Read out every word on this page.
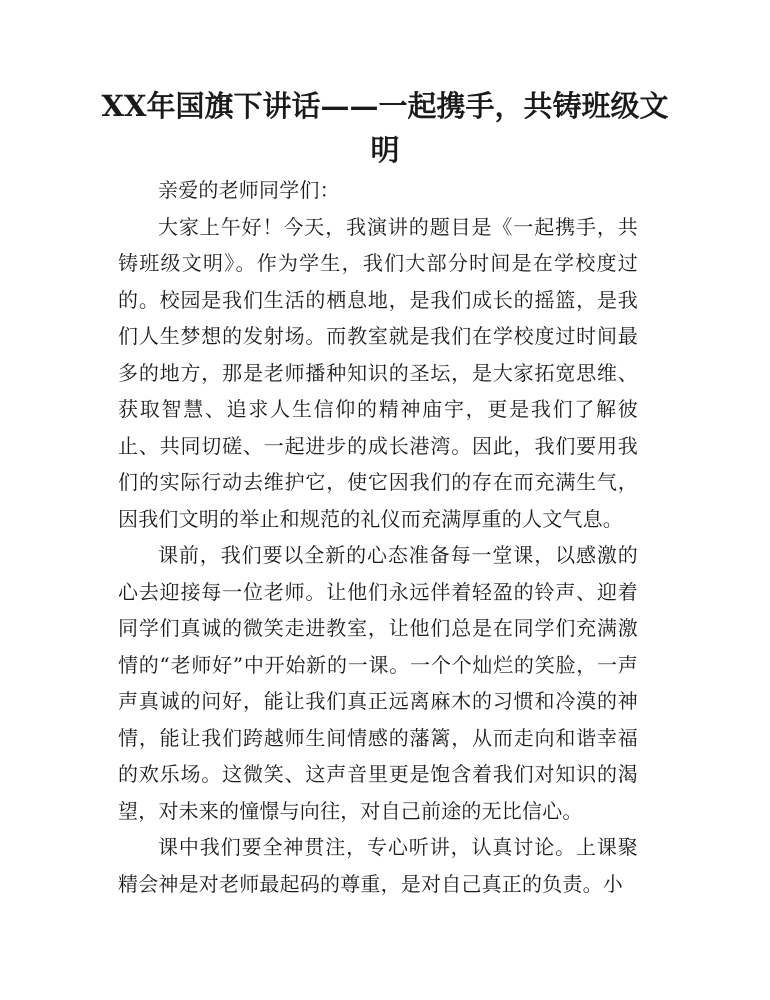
XX年国旗下讲话——一起携手，共铸班级文明

亲爱的老师同学们：

大家上午好！今天，我演讲的题目是《一起携手，共铸班级文明》。作为学生，我们大部分时间是在学校度过的。校园是我们生活的栖息地，是我们成长的摇篮，是我们人生梦想的发射场。而教室就是我们在学校度过时间最多的地方，那是老师播种知识的圣坛，是大家拓宽思维、获取智慧、追求人生信仰的精神庙宇，更是我们了解彼止、共同切磋、一起进步的成长港湾。因此，我们要用我们的实际行动去维护它，使它因我们的存在而充满生气，因我们文明的举止和规范的礼仪而充满厚重的人文气息。

课前，我们要以全新的心态准备每一堂课，以感激的心去迎接每一位老师。让他们永远伴着轻盈的铃声、迎着同学们真诚的微笑走进教室，让他们总是在同学们充满激情的“老师好”中开始新的一课。一个个灿烂的笑脸，一声声真诚的问好，能让我们真正远离麻木的习惯和冷漠的神情，能让我们跨越师生间情感的藩篱，从而走向和谐幸福的欢乐场。这微笑、这声音里更是饱含着我们对知识的渴望，对未来的憧憬与向往，对自己前途的无比信心。

课中我们要全神贯注，专心听讲，认真讨论。上课聚精会神是对老师最起码的尊重，是对自己真正的负责。小
